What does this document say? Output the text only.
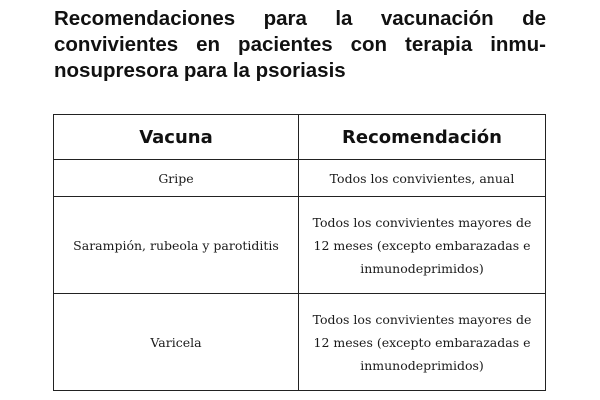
Recomendaciones para la vacunación de convivientes en pacientes con terapia inmu-nosupresora para la psoriasis
Vacuna	Recomendación
Gripe	Todos los convivientes, anual
Sarampión, rubeola y parotiditis	Todos los convivientes mayores de 12 meses (excepto embarazadas e inmunodeprimidos)
Varicela	Todos los convivientes mayores de 12 meses (excepto embarazadas e inmunodeprimidos)
